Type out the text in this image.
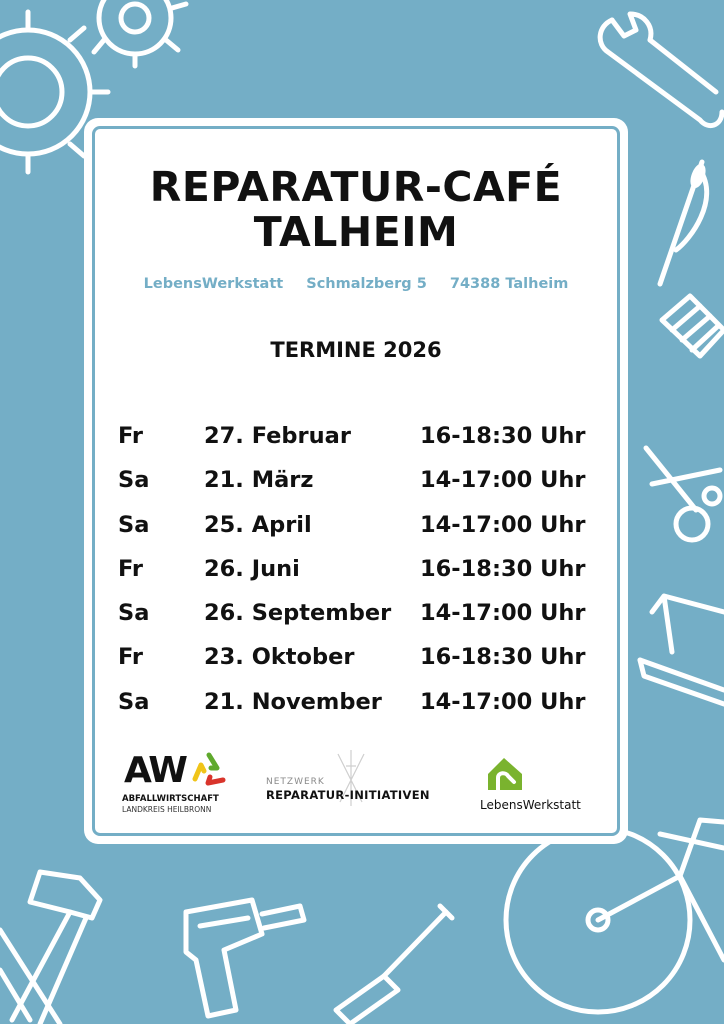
REPARATUR-CAFÉ
TALHEIM
LebensWerkstatt Schmalzberg 5 74388 Talheim
TERMINE 2026
Fr	27. Februar	16-18:30 Uhr
Sa 21. März	14-17:00 Uhr
Sa 25. April	14-17:00 Uhr
Fr	26. Juni	16-18:30 Uhr
Sa 26. September 14-17:00 Uhr
Fr	23. Oktober	16-18:30 Uhr
Sa 21. November 14-17:00 Uhr
AW
ABFALLWIRTSCHAFT
LANDKREIS HEILBRONN
NETZWERK
REPARATUR-INITIATIVEN
LebensWerkstatt
